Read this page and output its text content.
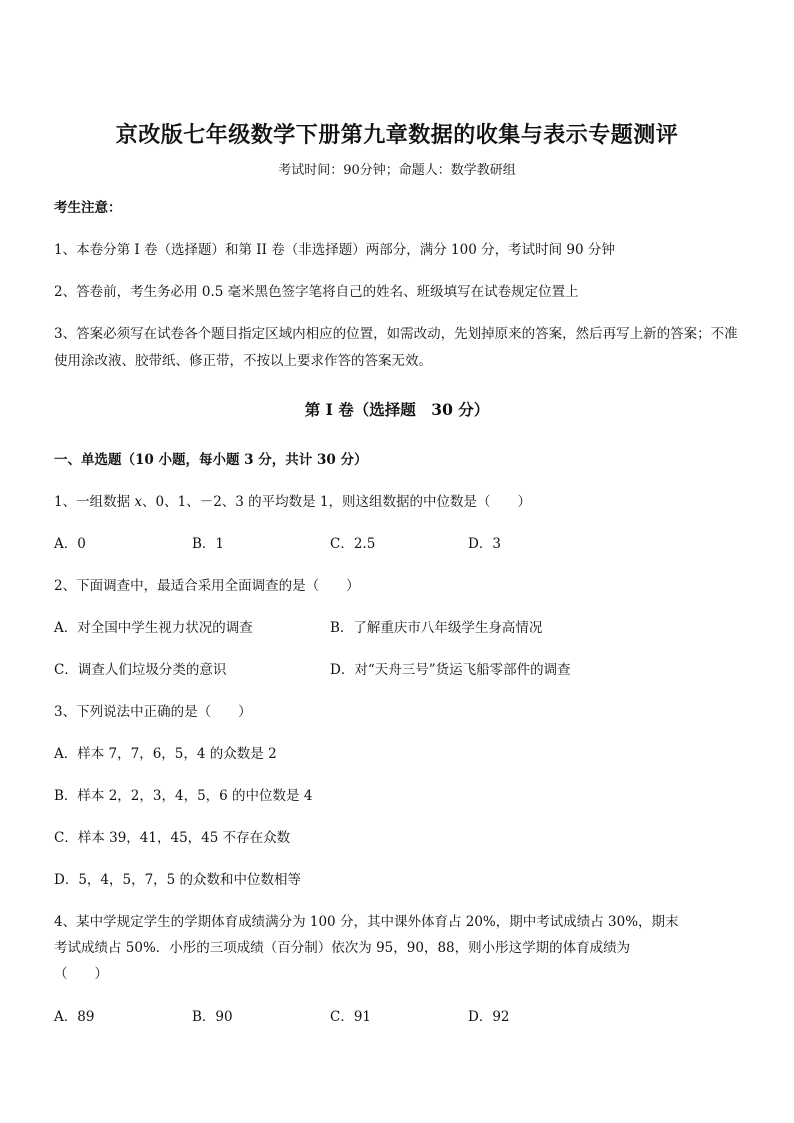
京改版七年级数学下册第九章数据的收集与表示专题测评
考试时间：90分钟；命题人：数学教研组
考生注意：
1、本卷分第 I 卷（选择题）和第 II 卷（非选择题）两部分，满分 100 分，考试时间 90 分钟
2、答卷前，考生务必用 0.5 毫米黑色签字笔将自己的姓名、班级填写在试卷规定位置上
3、答案必须写在试卷各个题目指定区域内相应的位置，如需改动，先划掉原来的答案，然后再写上新的答案；不准使用涂改液、胶带纸、修正带，不按以上要求作答的答案无效。
第 I 卷（选择题　30 分）
一、单选题（10 小题，每小题 3 分，共计 30 分）
1、一组数据 x、0、1、－2、3 的平均数是 1，则这组数据的中位数是（　　）
A．0	B．1	C．2.5	D．3
2、下面调查中，最适合采用全面调查的是（　　）
A．对全国中学生视力状况的调查	B．了解重庆市八年级学生身高情况
C．调查人们垃圾分类的意识	D．对“天舟三号”货运飞船零部件的调查
3、下列说法中正确的是（　　）
A．样本 7，7，6，5，4 的众数是 2
B．样本 2，2，3，4，5，6 的中位数是 4
C．样本 39，41，45，45 不存在众数
D．5，4，5，7，5 的众数和中位数相等
4、某中学规定学生的学期体育成绩满分为 100 分，其中课外体育占 20%，期中考试成绩占 30%，期末
考试成绩占 50%．小彤的三项成绩（百分制）依次为 95，90，88，则小彤这学期的体育成绩为
（　　）
A．89	B．90	C．91	D．92
